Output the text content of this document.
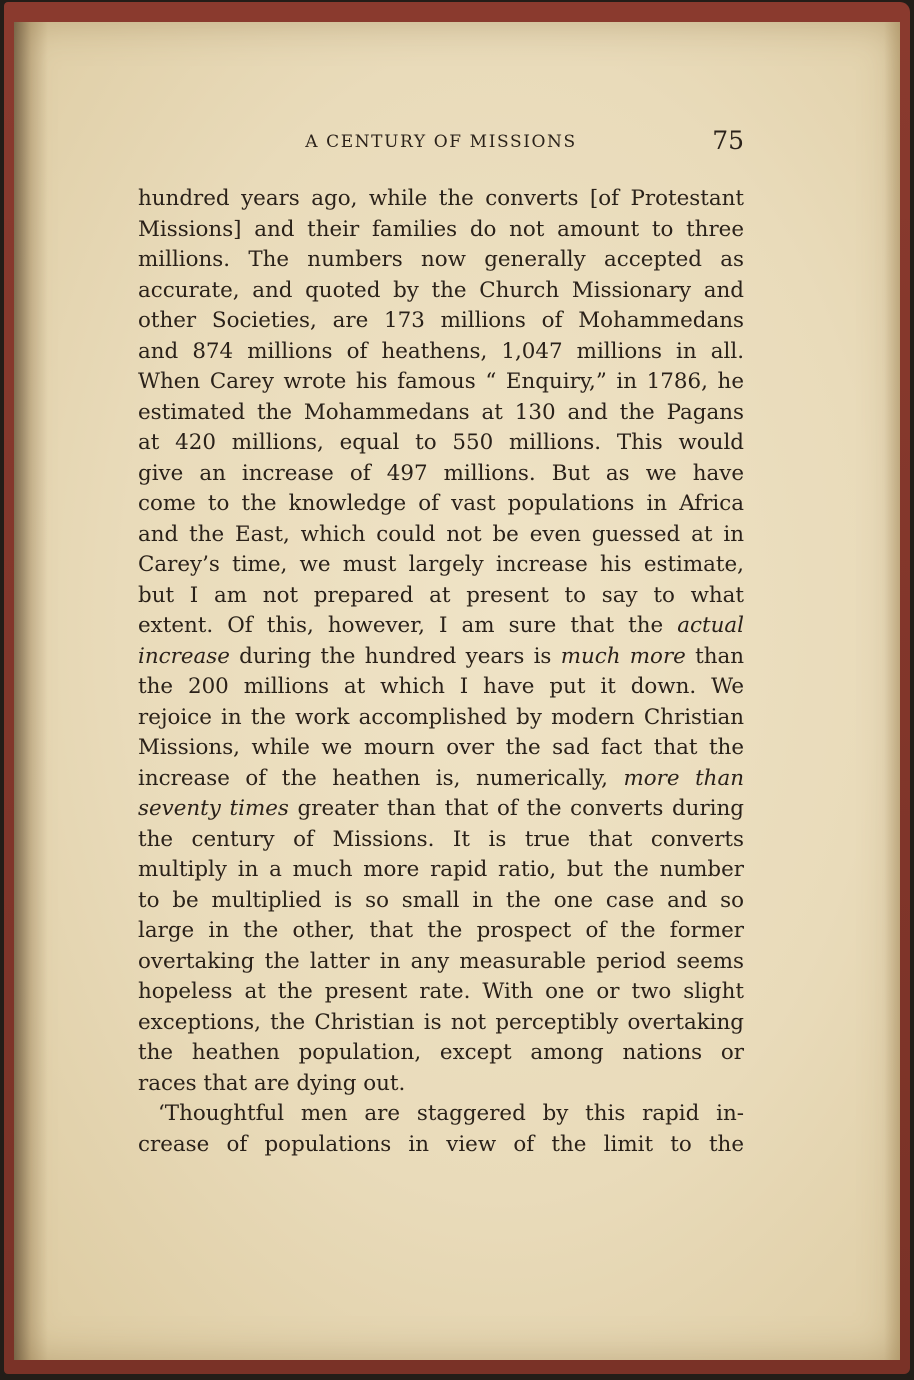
A CENTURY OF MISSIONS	75
hundred years ago, while the converts [of Protestant
Missions] and their families do not amount to three
millions. The numbers now generally accepted as
accurate, and quoted by the Church Missionary and
other Societies, are 173 millions of Mohammedans
and 874 millions of heathens, 1,047 millions in all.
When Carey wrote his famous “ Enquiry,” in 1786, he
estimated the Mohammedans at 130 and the Pagans
at 420 millions, equal to 550 millions. This would
give an increase of 497 millions. But as we have
come to the knowledge of vast populations in Africa
and the East, which could not be even guessed at in
Carey’s time, we must largely increase his estimate,
but I am not prepared at present to say to what
extent. Of this, however, I am sure that the actual
increase during the hundred years is much more than
the 200 millions at which I have put it down. We
rejoice in the work accomplished by modern Christian
Missions, while we mourn over the sad fact that the
increase of the heathen is, numerically, more than
seventy times greater than that of the converts during
the century of Missions. It is true that converts
multiply in a much more rapid ratio, but the number
to be multiplied is so small in the one case and so
large in the other, that the prospect of the former
overtaking the latter in any measurable period seems
hopeless at the present rate. With one or two slight
exceptions, the Christian is not perceptibly overtaking
the heathen population, except among nations or
races that are dying out.
‘Thoughtful men are staggered by this rapid in-
crease of populations in view of the limit to the
